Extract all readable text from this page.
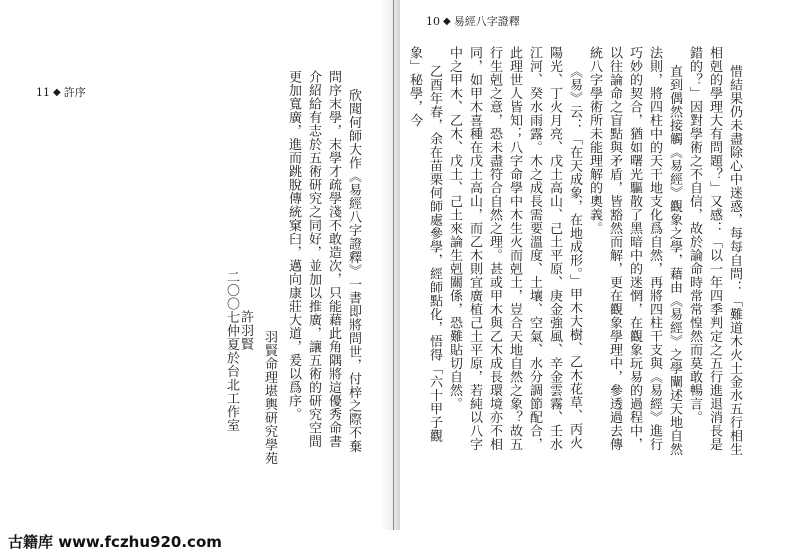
11 ◆ 許序	欣聞何師大作《易經八字證釋》一書即將問世，付梓之際不棄問序末學，末學才疏學淺不敢造次，只能藉此角隅將這優秀命書介紹給有志於五術研究之同好，並加以推廣，讓五術的研究空間更加寬廣，進而跳脫傳統窠臼，邁向康莊大道，爰以爲序。

羽賢命理堪輿研究學苑
許羽賢
二〇〇七仲夏於台北工作室
10 ◆ 易經八字證釋

惜結果仍未盡除心中迷惑，每每自問：「難道木火土金水五行相生相剋的學理大有問題？」又感：「以一年四季判定之五行進退消長是錯的？」因對學術之不自信，故於論命時常常惶然而莫敢暢言。
直到偶然接觸《易經》觀象之學，藉由《易經》之學闡述天地自然法則，將四柱中的天干地支化爲自然，再將四柱干支與《易經》進行巧妙的契合，猶如曙光驅散了黑暗中的迷惘，在觀象玩易的過程中，以往論命之盲點與矛盾，皆豁然而解，更在觀象學理中，參透過去傳統八字學術所未能理解的奧義。
《易》云：「在天成象，在地成形。」甲木大樹、乙木花草、丙火陽光、丁火月亮、戊土高山、己土平原、庚金強風、辛金雲霧、壬水江河、癸水雨露。木之成長需要溫度、土壤、空氣、水分調節配合，此理世人皆知；八字命學中木生火而剋土，豈合天地自然之象？故五行生剋之意，恐未盡符合自然之理。甚或甲木與乙木成長環境亦不相同，如甲木喜種在戊土高山，而乙木則宜廣植己土平原，若純以八字中之甲木、乙木、戊土、己土來論生剋關係，恐難貼切自然。
乙酉年春，余在苗栗何師處參學，經師點化，悟得「六十甲子觀象」秘學，今

古籍库 www.fczhu920.com
